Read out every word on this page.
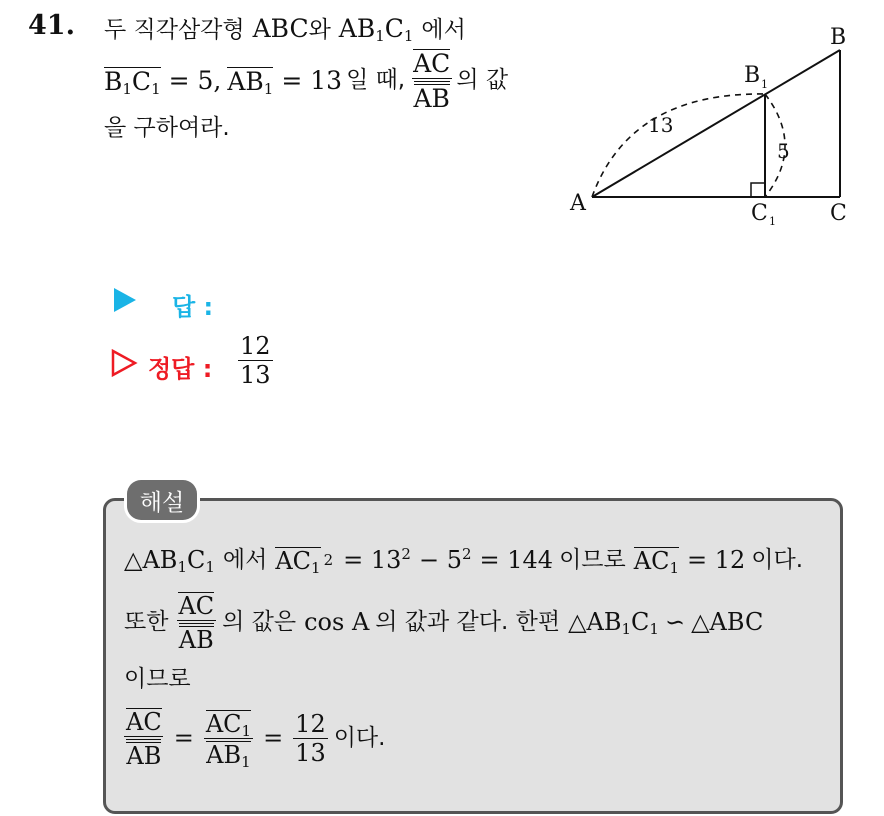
41. 두 직각삼각형 ABC와 $AB_1C_1$ 에서
$B_1C_1 = 5$, $AB_1 = 13$ 일 때, $\frac{AC}{AB}$ 의 값
을 구하여라.
A
B
C
B 1
C 1
13
5
답 :
정답 : $\frac{12}{13}$
해설
$\triangle AB_1C_1$ 에서 $AC_1$ $2 = 13^2 - 5^2 = 144$ 이므로 $AC_1 = 12$ 이다.
또한 $\frac{AC}{AB}$ 의 값은 cos A 의 값과 같다. 한편 $\triangle AB_1C_1$ ∽ △ABC
이므로
$\frac{AC}{AB} = \frac{AC_1}{AB_1} = \frac{12}{13}$ 이다.
